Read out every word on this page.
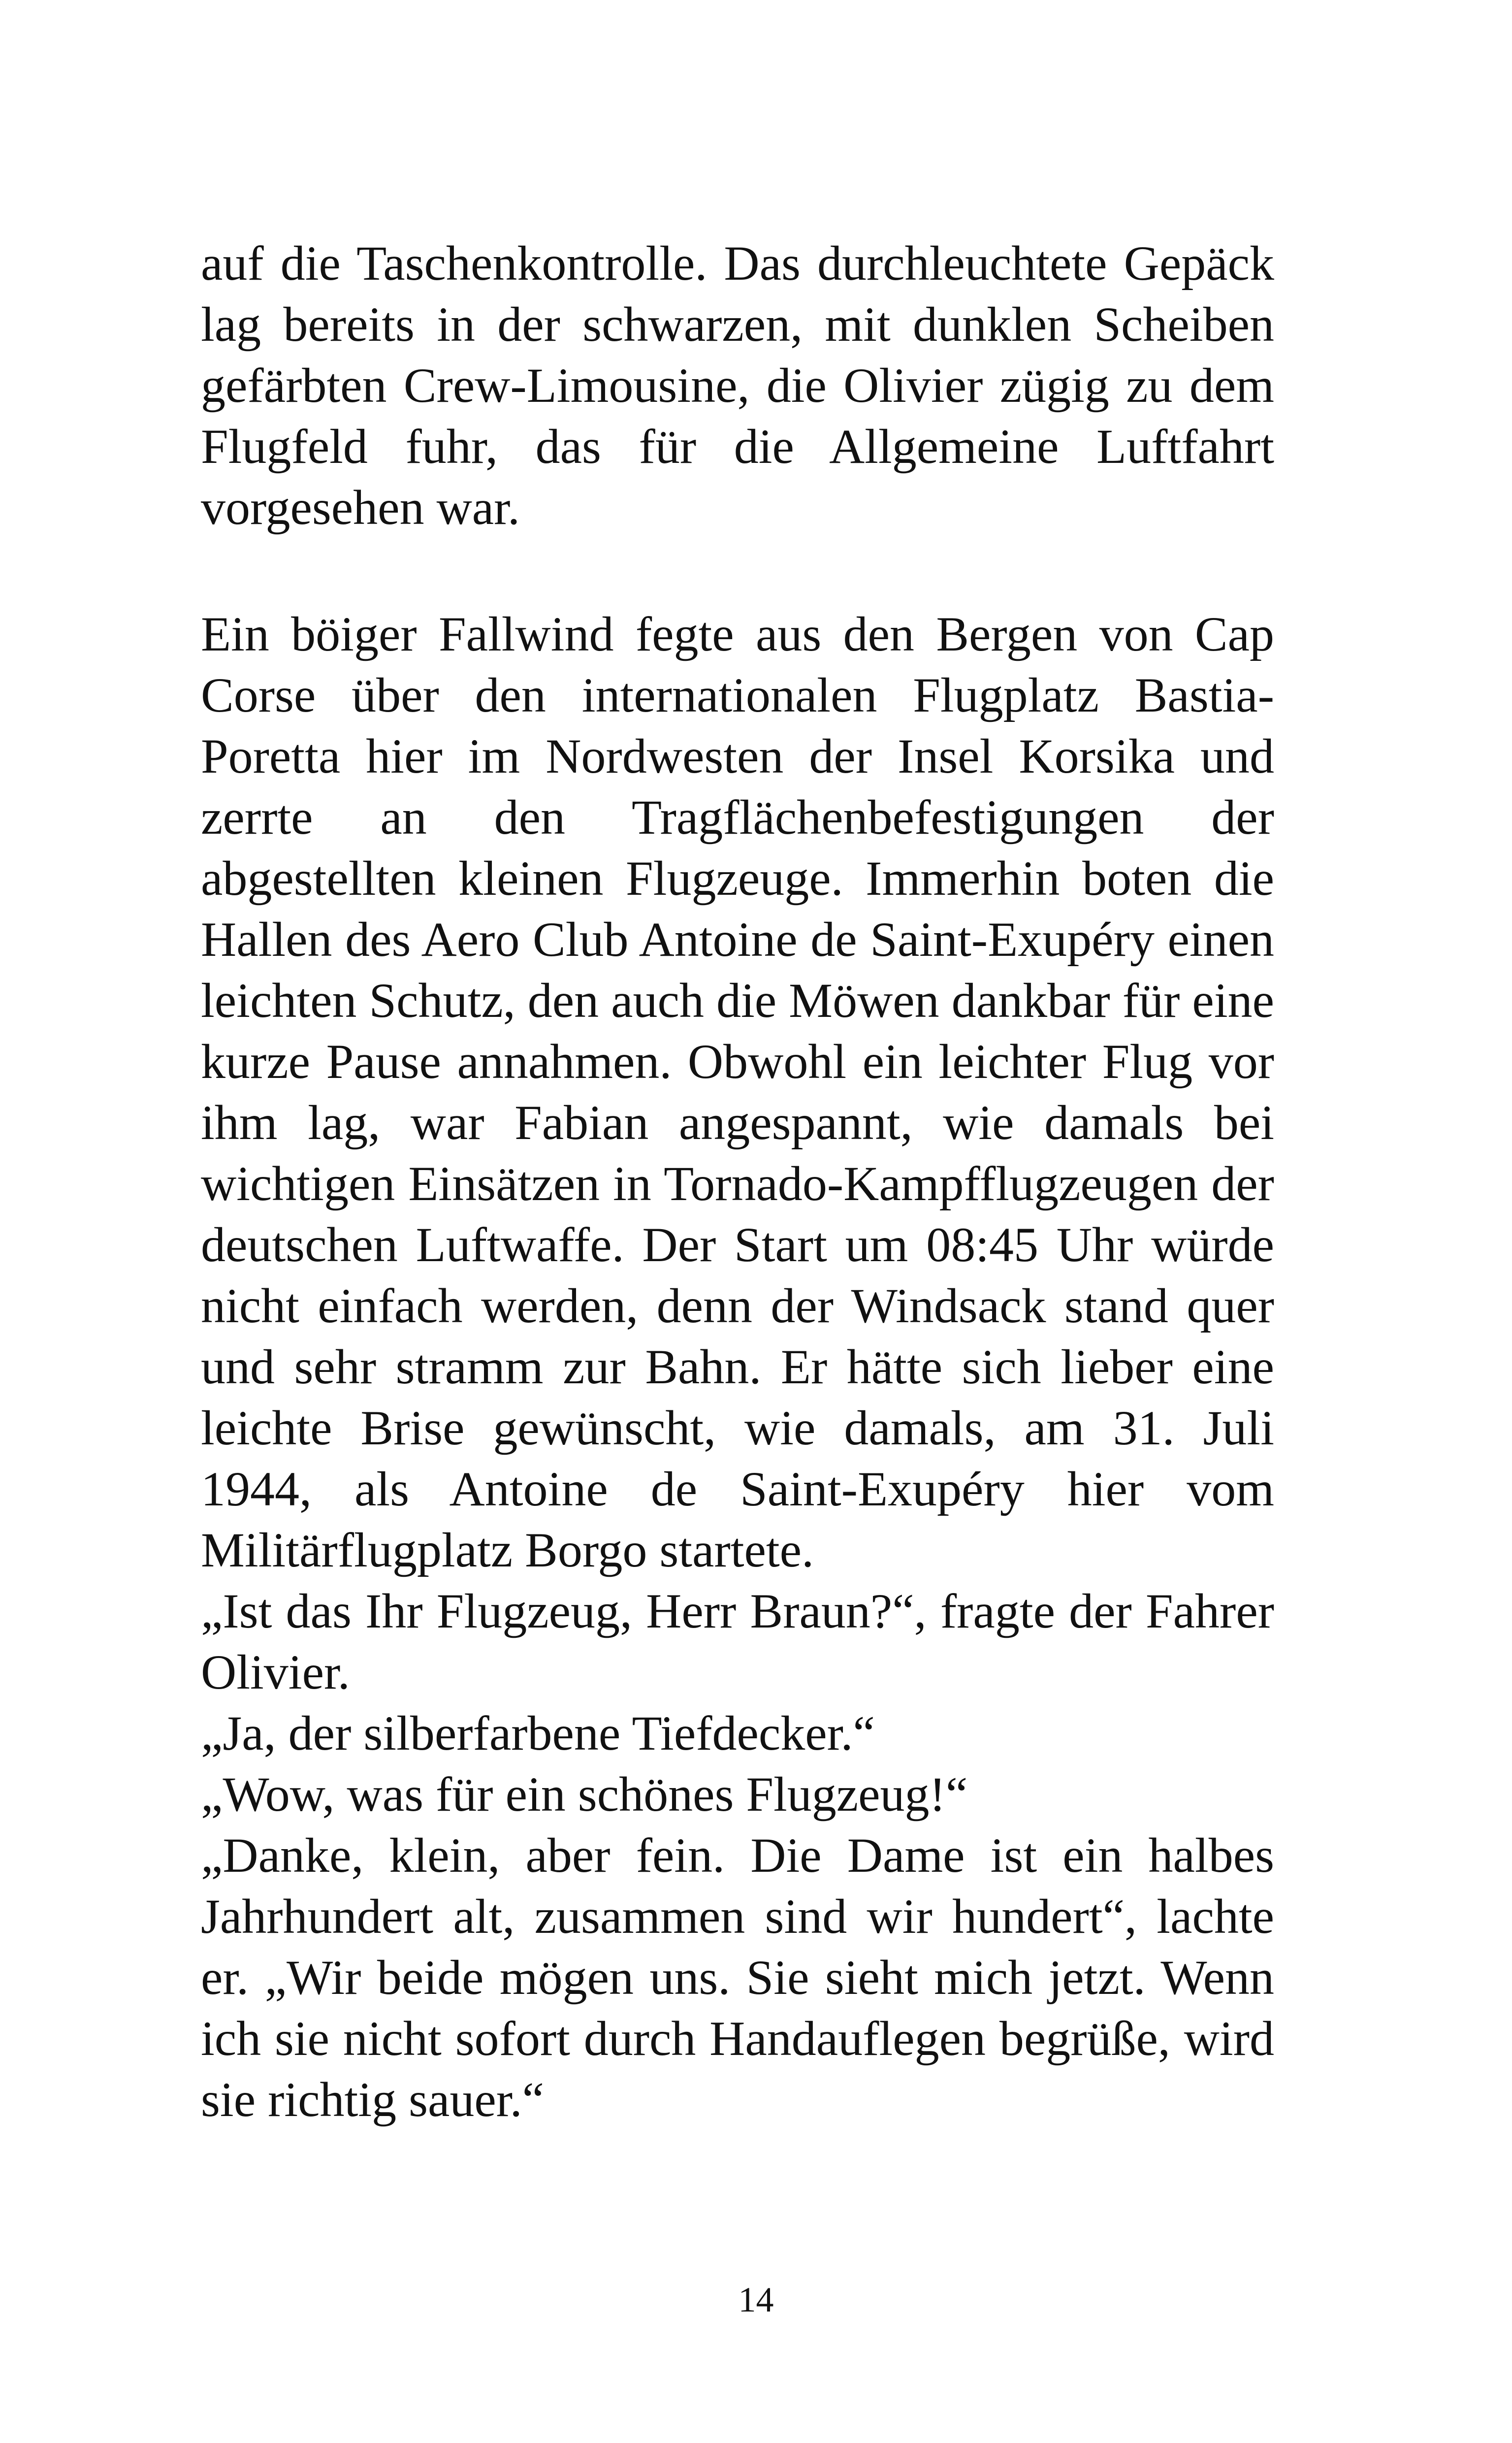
auf die Taschenkontrolle. Das durchleuchtete Gepäck lag bereits in der schwarzen, mit dunklen Scheiben gefärbten Crew-Limousine, die Olivier zügig zu dem Flugfeld fuhr, das für die Allgemeine Luftfahrt vorgesehen war.

Ein böiger Fallwind fegte aus den Bergen von Cap Corse über den internationalen Flugplatz Bastia-Poretta hier im Nordwesten der Insel Korsika und zerrte an den Tragflächenbefestigungen der abgestellten kleinen Flugzeuge. Immerhin boten die Hallen des Aero Club Antoine de Saint-Exupéry einen leichten Schutz, den auch die Möwen dankbar für eine kurze Pause annahmen. Obwohl ein leichter Flug vor ihm lag, war Fabian angespannt, wie damals bei wichtigen Einsätzen in Tornado-Kampfflugzeugen der deutschen Luftwaffe. Der Start um 08:45 Uhr würde nicht einfach werden, denn der Windsack stand quer und sehr stramm zur Bahn. Er hätte sich lieber eine leichte Brise gewünscht, wie damals, am 31. Juli 1944, als Antoine de Saint-Exupéry hier vom Militärflugplatz Borgo startete.

„Ist das Ihr Flugzeug, Herr Braun?“, fragte der Fahrer Olivier.

„Ja, der silberfarbene Tiefdecker.“

„Wow, was für ein schönes Flugzeug!“

„Danke, klein, aber fein. Die Dame ist ein halbes Jahrhundert alt, zusammen sind wir hundert“, lachte er. „Wir beide mögen uns. Sie sieht mich jetzt. Wenn ich sie nicht sofort durch Handauflegen begrüße, wird sie richtig sauer.“

14
